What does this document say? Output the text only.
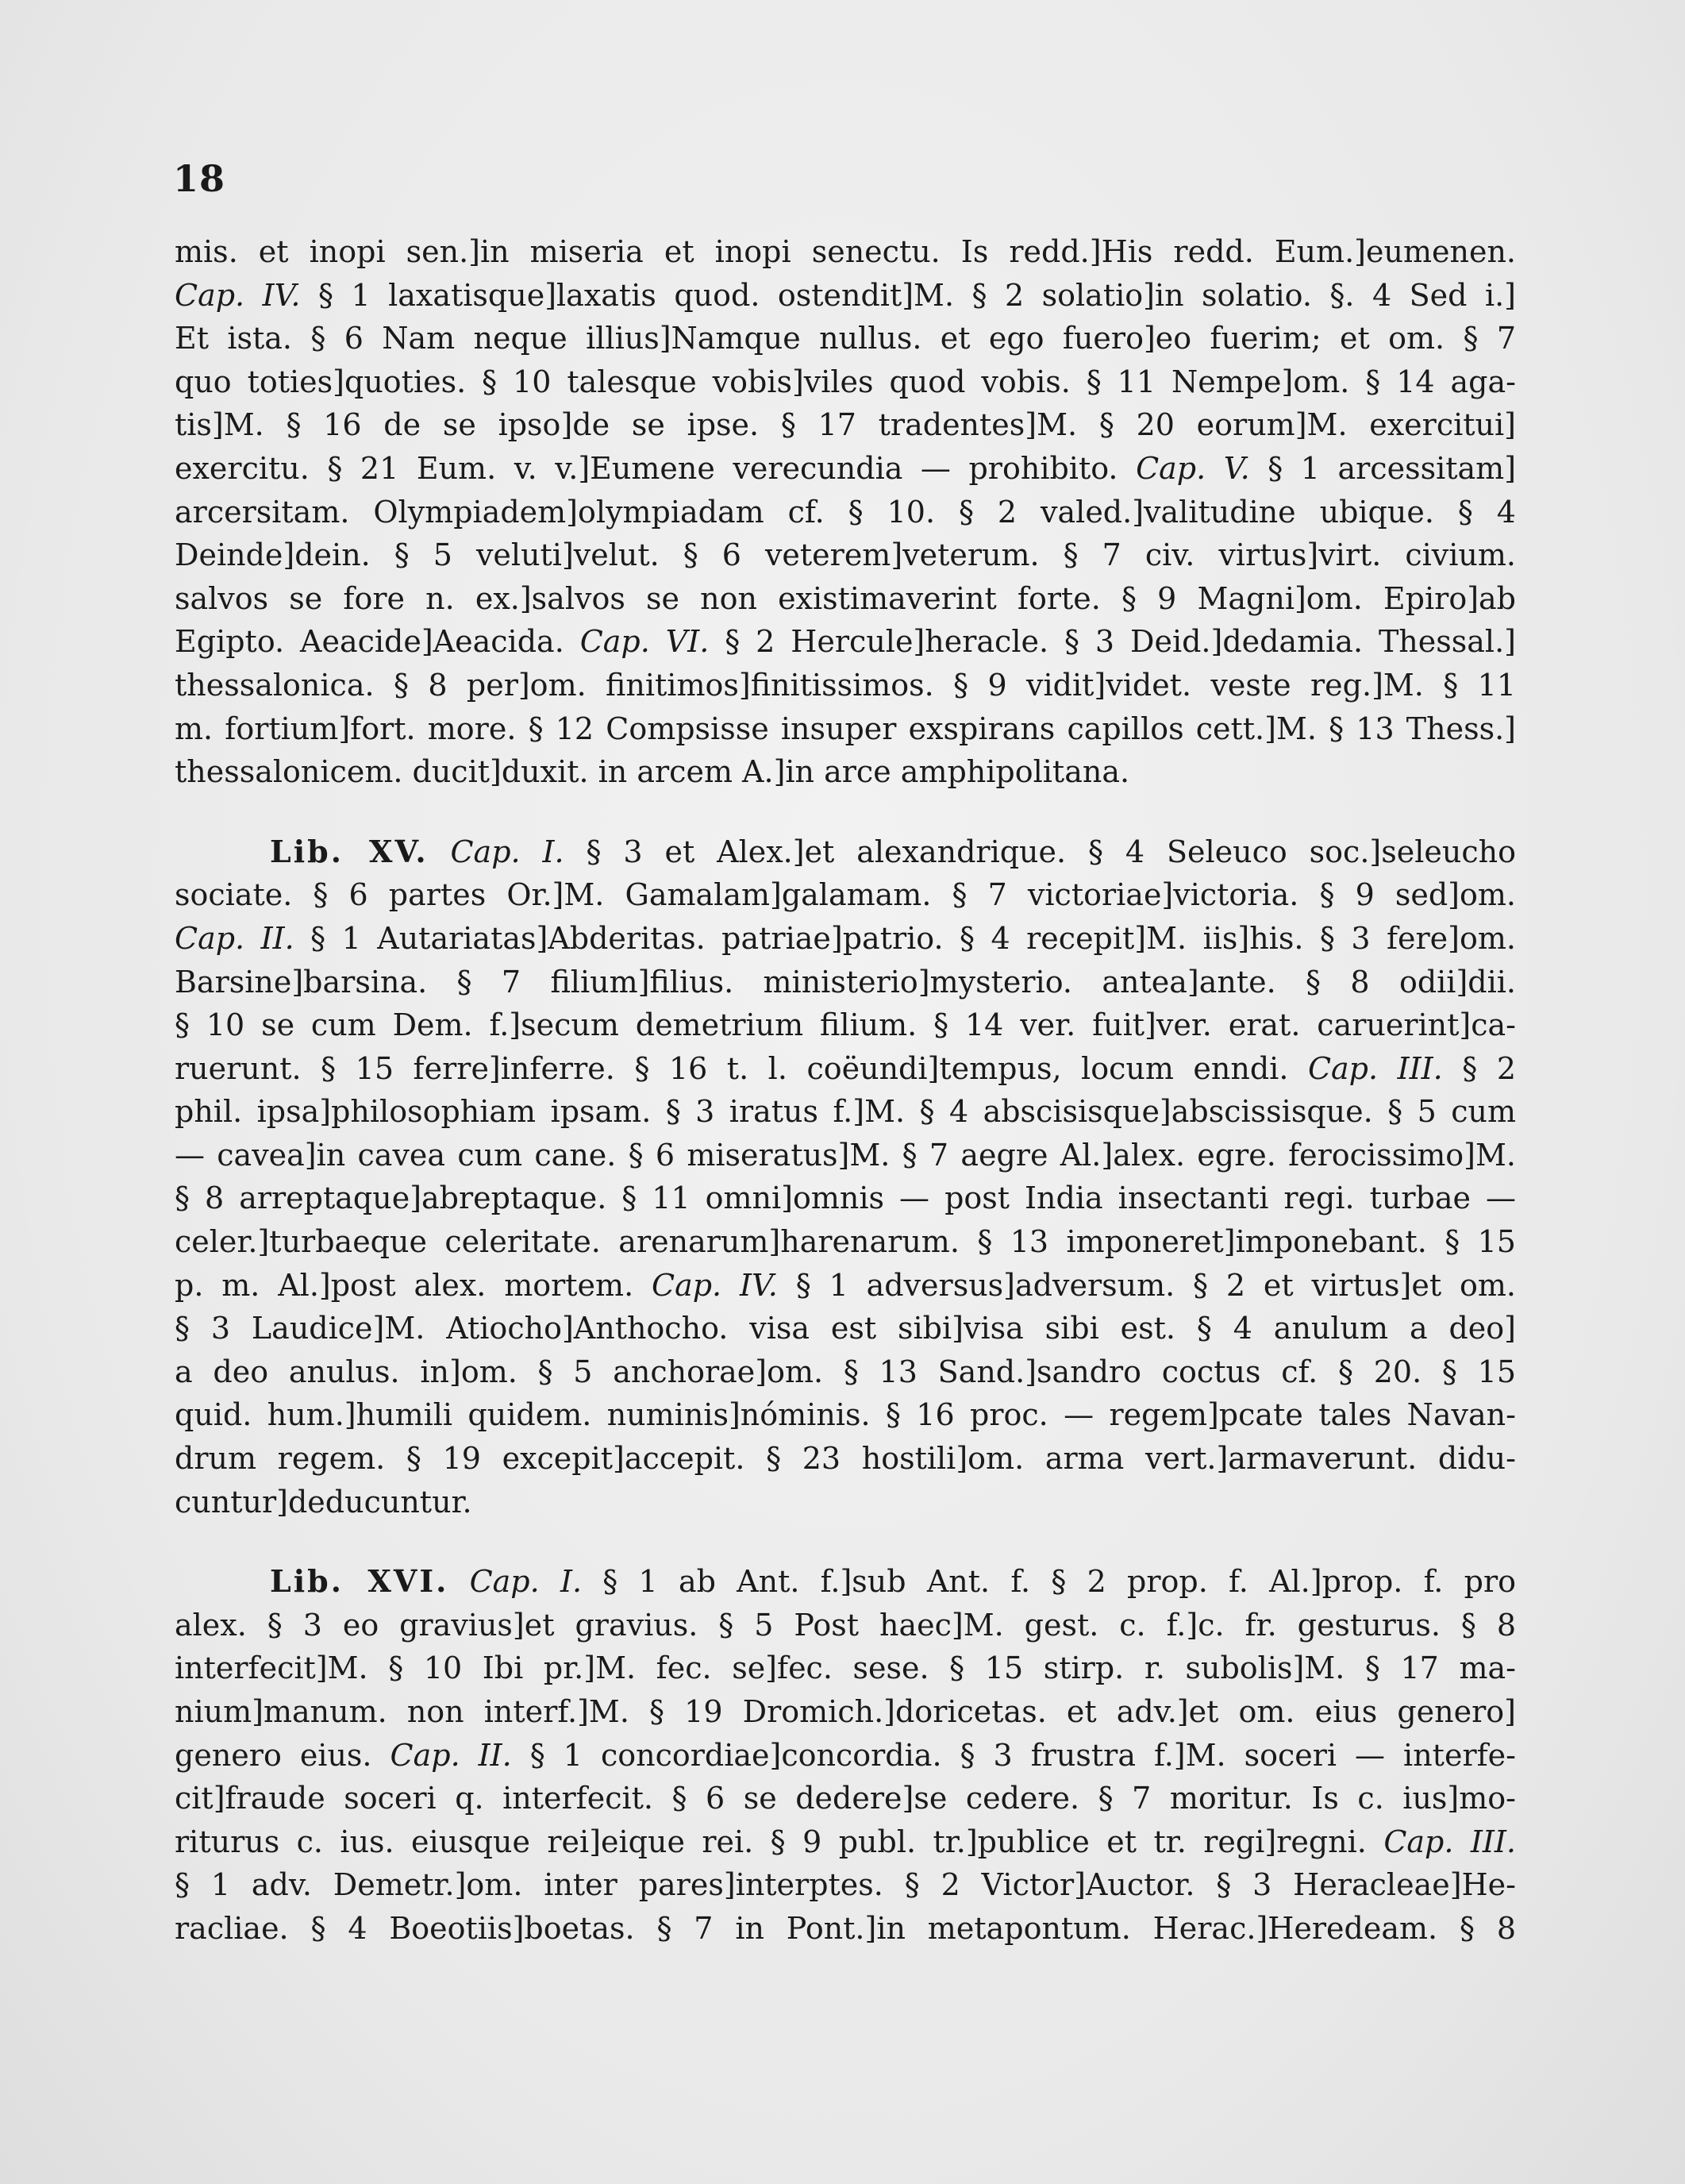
18
mis. et inopi sen.]in miseria et inopi senectu. Is redd.]His redd. Eum.]eumenen.
Cap. IV. § 1 laxatisque]laxatis quod. ostendit]M. § 2 solatio]in solatio. §. 4 Sed i.]
Et ista. § 6 Nam neque illius]Namque nullus. et ego fuero]eo fuerim; et om. § 7
quo toties]quoties. § 10 talesque vobis]viles quod vobis. § 11 Nempe]om. § 14 aga-
tis]M. § 16 de se ipso]de se ipse. § 17 tradentes]M. § 20 eorum]M. exercitui]
exercitu. § 21 Eum. v. v.]Eumene verecundia — prohibito. Cap. V. § 1 arcessitam]
arcersitam. Olympiadem]olympiadam cf. § 10. § 2 valed.]valitudine ubique. § 4
Deinde]dein. § 5 veluti]velut. § 6 veterem]veterum. § 7 civ. virtus]virt. civium.
salvos se fore n. ex.]salvos se non existimaverint forte. § 9 Magni]om. Epiro]ab
Egipto. Aeacide]Aeacida. Cap. VI. § 2 Hercule]heracle. § 3 Deid.]dedamia. Thessal.]
thessalonica. § 8 per]om. finitimos]finitissimos. § 9 vidit]videt. veste reg.]M. § 11
m. fortium]fort. more. § 12 Compsisse insuper exspirans capillos cett.]M. § 13 Thess.]
thessalonicem. ducit]duxit. in arcem A.]in arce amphipolitana.
Lib. XV. Cap. I. § 3 et Alex.]et alexandrique. § 4 Seleuco soc.]seleucho
sociate. § 6 partes Or.]M. Gamalam]galamam. § 7 victoriae]victoria. § 9 sed]om.
Cap. II. § 1 Autariatas]Abderitas. patriae]patrio. § 4 recepit]M. iis]his. § 3 fere]om.
Barsine]barsina. § 7 filium]filius. ministerio]mysterio. antea]ante. § 8 odii]dii.
§ 10 se cum Dem. f.]secum demetrium filium. § 14 ver. fuit]ver. erat. caruerint]ca-
ruerunt. § 15 ferre]inferre. § 16 t. l. coëundi]tempus, locum enndi. Cap. III. § 2
phil. ipsa]philosophiam ipsam. § 3 iratus f.]M. § 4 abscisisque]abscissisque. § 5 cum
— cavea]in cavea cum cane. § 6 miseratus]M. § 7 aegre Al.]alex. egre. ferocissimo]M.
§ 8 arreptaque]abreptaque. § 11 omni]omnis — post India insectanti regi. turbae —
celer.]turbaeque celeritate. arenarum]harenarum. § 13 imponeret]imponebant. § 15
p. m. Al.]post alex. mortem. Cap. IV. § 1 adversus]adversum. § 2 et virtus]et om.
§ 3 Laudice]M. Atiocho]Anthocho. visa est sibi]visa sibi est. § 4 anulum a deo]
a deo anulus. in]om. § 5 anchorae]om. § 13 Sand.]sandro coctus cf. § 20. § 15
quid. hum.]humili quidem. numinis]nóminis. § 16 proc. — regem]pcate tales Navan-
drum regem. § 19 excepit]accepit. § 23 hostili]om. arma vert.]armaverunt. didu-
cuntur]deducuntur.
Lib. XVI. Cap. I. § 1 ab Ant. f.]sub Ant. f. § 2 prop. f. Al.]prop. f. pro
alex. § 3 eo gravius]et gravius. § 5 Post haec]M. gest. c. f.]c. fr. gesturus. § 8
interfecit]M. § 10 Ibi pr.]M. fec. se]fec. sese. § 15 stirp. r. subolis]M. § 17 ma-
nium]manum. non interf.]M. § 19 Dromich.]doricetas. et adv.]et om. eius genero]
genero eius. Cap. II. § 1 concordiae]concordia. § 3 frustra f.]M. soceri — interfe-
cit]fraude soceri q. interfecit. § 6 se dedere]se cedere. § 7 moritur. Is c. ius]mo-
riturus c. ius. eiusque rei]eique rei. § 9 publ. tr.]publice et tr. regi]regni. Cap. III.
§ 1 adv. Demetr.]om. inter pares]interptes. § 2 Victor]Auctor. § 3 Heracleae]He-
racliae. § 4 Boeotiis]boetas. § 7 in Pont.]in metapontum. Herac.]Heredeam. § 8
